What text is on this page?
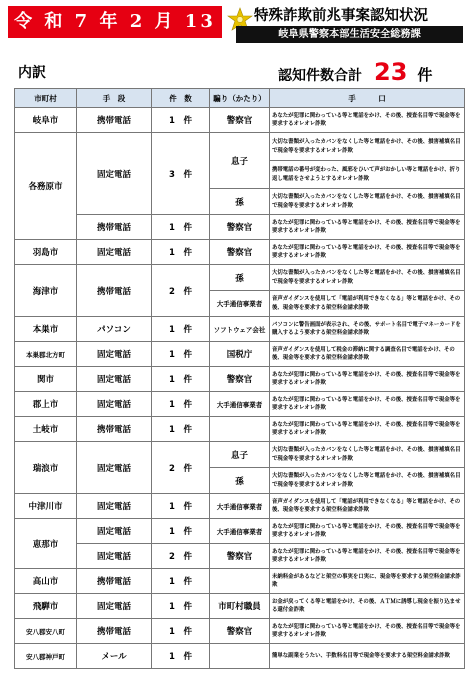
令 和 7 年 2 月 13 日
特殊詐欺前兆事案認知状況
岐阜県警察本部生活安全総務課
内訳	認知件数合計 23 件
市町村	手　段	件　数	騙り（かたり）	手　　　口
岐阜市	携帯電話	1　件	警察官	あなたが犯罪に関わっている等と電話をかけ、その後、捜査名目等で現金等を要求するオレオレ詐欺
各務原市	固定電話	3　件	息子	大切な書類が入ったカバンをなくした等と電話をかけ、その後、損害補填名目で現金等を要求するオレオレ詐欺
				携帯電話の番号が変わった、風邪をひいて声がおかしい等と電話をかけ、折り返し電話をさせようとするオレオレ詐欺
			孫	大切な書類が入ったカバンをなくした等と電話をかけ、その後、損害補填名目で現金等を要求するオレオレ詐欺
	携帯電話	1　件	警察官	あなたが犯罪に関わっている等と電話をかけ、その後、捜査名目等で現金等を要求するオレオレ詐欺
羽島市	固定電話	1　件	警察官	あなたが犯罪に関わっている等と電話をかけ、その後、捜査名目等で現金等を要求するオレオレ詐欺
海津市	携帯電話	2　件	孫	大切な書類が入ったカバンをなくした等と電話をかけ、その後、損害補填名目で現金等を要求するオレオレ詐欺
			大手通信事業者	音声ガイダンスを使用して「電話が利用できなくなる」等と電話をかけ、その後、現金等を要求する架空料金請求詐欺
本巣市	パソコン	1　件	ソフトウェア会社	パソコンに警告画面が表示され、その後、サポート名目で電子マネーカードを購入するよう要求する架空料金請求詐欺
本巣郡北方町	固定電話	1　件	国税庁	音声ガイダンスを使用して税金の滞納に関する調査名目で電話をかけ、その後、現金等を要求する架空料金請求詐欺
関市	固定電話	1　件	警察官	あなたが犯罪に関わっている等と電話をかけ、その後、捜査名目等で現金等を要求するオレオレ詐欺
郡上市	固定電話	1　件	大手通信事業者	あなたが犯罪に関わっている等と電話をかけ、その後、捜査名目等で現金等を要求するオレオレ詐欺
土岐市	携帯電話	1　件		あなたが犯罪に関わっている等と電話をかけ、その後、捜査名目等で現金等を要求するオレオレ詐欺
瑞浪市	固定電話	2　件	息子	大切な書類が入ったカバンをなくした等と電話をかけ、その後、損害補填名目で現金等を要求するオレオレ詐欺
			孫	大切な書類が入ったカバンをなくした等と電話をかけ、その後、損害補填名目で現金等を要求するオレオレ詐欺
中津川市	固定電話	1　件	大手通信事業者	音声ガイダンスを使用して「電話が利用できなくなる」等と電話をかけ、その後、現金等を要求する架空料金請求詐欺
恵那市	固定電話	1　件	大手通信事業者	あなたが犯罪に関わっている等と電話をかけ、その後、捜査名目等で現金等を要求するオレオレ詐欺
	固定電話	2　件	警察官	あなたが犯罪に関わっている等と電話をかけ、その後、捜査名目等で現金等を要求するオレオレ詐欺
高山市	携帯電話	1　件		未納料金があるなどと架空の事実を口実に、現金等を要求する架空料金請求詐欺
飛騨市	固定電話	1　件	市町村職員	お金が戻ってくる等と電話をかけ、その後、ＡＴＭに誘導し現金を振り込ませる還付金詐欺
安八郡安八町	携帯電話	1　件	警察官	あなたが犯罪に関わっている等と電話をかけ、その後、捜査名目等で現金等を要求するオレオレ詐欺
安八郡神戸町	メール	1　件		簡単な副業をうたい、手数料名目等で現金等を要求する架空料金請求詐欺
